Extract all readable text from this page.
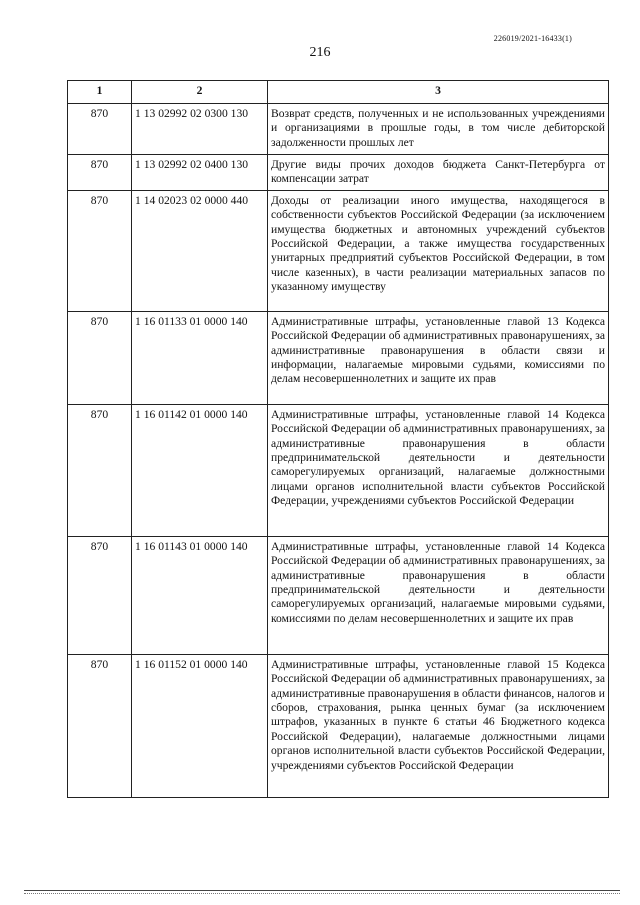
226019/2021-16433(1)
216
1	2	3
870	1 13 02992 02 0300 130	Возврат средств, полученных и не использованных учреждениями и организациями в прошлые годы, в том числе дебиторской задолженности прошлых лет
870	1 13 02992 02 0400 130	Другие виды прочих доходов бюджета Санкт-Петербурга от компенсации затрат
870	1 14 02023 02 0000 440	Доходы от реализации иного имущества, находящегося в собственности субъектов Российской Федерации (за исключением имущества бюджетных и автономных учреждений субъектов Российской Федерации, а также имущества государственных унитарных предприятий субъектов Российской Федерации, в том числе казенных), в части реализации материальных запасов по указанному имуществу
870	1 16 01133 01 0000 140	Административные штрафы, установленные главой 13 Кодекса Российской Федерации об административных правонарушениях, за административные правонарушения в области связи и информации, налагаемые мировыми судьями, комиссиями по делам несовершеннолетних и защите их прав
870	1 16 01142 01 0000 140	Административные штрафы, установленные главой 14 Кодекса Российской Федерации об административных правонарушениях, за административные правонарушения в области предпринимательской деятельности и деятельности саморегулируемых организаций, налагаемые должностными лицами органов исполнительной власти субъектов Российской Федерации, учреждениями субъектов Российской Федерации
870	1 16 01143 01 0000 140	Административные штрафы, установленные главой 14 Кодекса Российской Федерации об административных правонарушениях, за административные правонарушения в области предпринимательской деятельности и деятельности саморегулируемых организаций, налагаемые мировыми судьями, комиссиями по делам несовершеннолетних и защите их прав
870	1 16 01152 01 0000 140	Административные штрафы, установленные главой 15 Кодекса Российской Федерации об административных правонарушениях, за административные правонарушения в области финансов, налогов и сборов, страхования, рынка ценных бумаг (за исключением штрафов, указанных в пункте 6 статьи 46 Бюджетного кодекса Российской Федерации), налагаемые должностными лицами органов исполнительной власти субъектов Российской Федерации, учреждениями субъектов Российской Федерации
